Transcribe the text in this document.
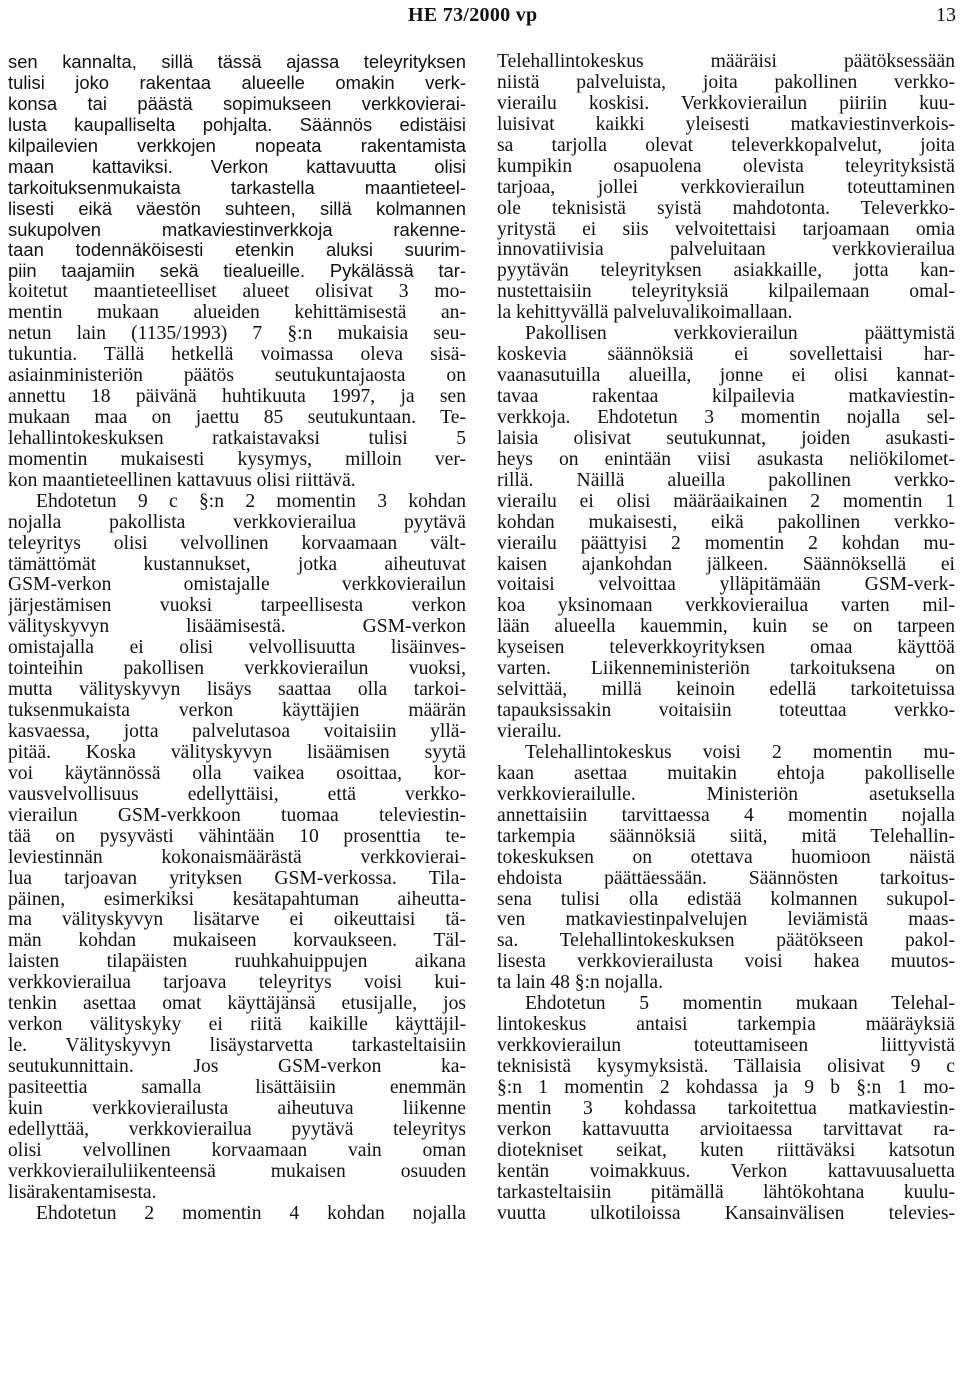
HE 73/2000 vp	13
sen kannalta, sillä tässä ajassa teleyrityksen
tulisi joko rakentaa alueelle omakin verk-
konsa tai päästä sopimukseen verkkovierai-
lusta kaupalliselta pohjalta. Säännös edistäisi
kilpailevien verkkojen nopeata rakentamista
maan kattaviksi. Verkon kattavuutta olisi
tarkoituksenmukaista tarkastella maantieteel-
lisesti eikä väestön suhteen, sillä kolmannen
sukupolven matkaviestinverkkoja rakenne-
taan todennäköisesti etenkin aluksi suurim-
piin taajamiin sekä tiealueille. Pykälässä tar-
koitetut maantieteelliset alueet olisivat 3 mo-
mentin mukaan alueiden kehittämisestä an-
netun lain (1135/1993) 7 §:n mukaisia seu-
tukuntia. Tällä hetkellä voimassa oleva sisä-
asiainministeriön päätös seutukuntajaosta on
annettu 18 päivänä huhtikuuta 1997, ja sen
mukaan maa on jaettu 85 seutukuntaan. Te-
lehallintokeskuksen ratkaistavaksi tulisi 5
momentin mukaisesti kysymys, milloin ver-
kon maantieteellinen kattavuus olisi riittävä.
Ehdotetun 9 c §:n 2 momentin 3 kohdan
nojalla pakollista verkkovierailua pyytävä
teleyritys olisi velvollinen korvaamaan vält-
tämättömät kustannukset, jotka aiheutuvat
GSM-verkon omistajalle verkkovierailun
järjestämisen vuoksi tarpeellisesta verkon
välityskyvyn lisäämisestä. GSM-verkon
omistajalla ei olisi velvollisuutta lisäinves-
tointeihin pakollisen verkkovierailun vuoksi,
mutta välityskyvyn lisäys saattaa olla tarkoi-
tuksenmukaista verkon käyttäjien määrän
kasvaessa, jotta palvelutasoa voitaisiin yllä-
pitää. Koska välityskyvyn lisäämisen syytä
voi käytännössä olla vaikea osoittaa, kor-
vausvelvollisuus edellyttäisi, että verkko-
vierailun GSM-verkkoon tuomaa televiestin-
tää on pysyvästi vähintään 10 prosenttia te-
leviestinnän kokonaismäärästä verkkovierai-
lua tarjoavan yrityksen GSM-verkossa. Tila-
päinen, esimerkiksi kesätapahtuman aiheutta-
ma välityskyvyn lisätarve ei oikeuttaisi tä-
män kohdan mukaiseen korvaukseen. Täl-
laisten tilapäisten ruuhkahuippujen aikana
verkkovierailua tarjoava teleyritys voisi kui-
tenkin asettaa omat käyttäjänsä etusijalle, jos
verkon välityskyky ei riitä kaikille käyttäjil-
le. Välityskyvyn lisäystarvetta tarkasteltaisiin
seutukunnittain. Jos GSM-verkon ka-
pasiteettia samalla lisättäisiin enemmän
kuin verkkovierailusta aiheutuva liikenne
edellyttää, verkkovierailua pyytävä teleyritys
olisi velvollinen korvaamaan vain oman
verkkovierailuliikenteensä mukaisen osuuden
lisärakentamisesta.
Ehdotetun 2 momentin 4 kohdan nojalla
Telehallintokeskus määräisi päätöksessään
niistä palveluista, joita pakollinen verkko-
vierailu koskisi. Verkkovierailun piiriin kuu-
luisivat kaikki yleisesti matkaviestinverkois-
sa tarjolla olevat televerkkopalvelut, joita
kumpikin osapuolena olevista teleyrityksistä
tarjoaa, jollei verkkovierailun toteuttaminen
ole teknisistä syistä mahdotonta. Televerkko-
yritystä ei siis velvoitettaisi tarjoamaan omia
innovatiivisia palveluitaan verkkovierailua
pyytävän teleyrityksen asiakkaille, jotta kan-
nustettaisiin teleyrityksiä kilpailemaan omal-
la kehittyvällä palveluvalikoimallaan.
Pakollisen verkkovierailun päättymistä
koskevia säännöksiä ei sovellettaisi har-
vaanasutuilla alueilla, jonne ei olisi kannat-
tavaa rakentaa kilpailevia matkaviestin-
verkkoja. Ehdotetun 3 momentin nojalla sel-
laisia olisivat seutukunnat, joiden asukasti-
heys on enintään viisi asukasta neliökilomet-
rillä. Näillä alueilla pakollinen verkko-
vierailu ei olisi määräaikainen 2 momentin 1
kohdan mukaisesti, eikä pakollinen verkko-
vierailu päättyisi 2 momentin 2 kohdan mu-
kaisen ajankohdan jälkeen. Säännöksellä ei
voitaisi velvoittaa ylläpitämään GSM-verk-
koa yksinomaan verkkovierailua varten mil-
lään alueella kauemmin, kuin se on tarpeen
kyseisen televerkkoyrityksen omaa käyttöä
varten. Liikenneministeriön tarkoituksena on
selvittää, millä keinoin edellä tarkoitetuissa
tapauksissakin voitaisiin toteuttaa verkko-
vierailu.
Telehallintokeskus voisi 2 momentin mu-
kaan asettaa muitakin ehtoja pakolliselle
verkkovierailulle. Ministeriön asetuksella
annettaisiin tarvittaessa 4 momentin nojalla
tarkempia säännöksiä siitä, mitä Telehallin-
tokeskuksen on otettava huomioon näistä
ehdoista päättäessään. Säännösten tarkoitus-
sena tulisi olla edistää kolmannen sukupol-
ven matkaviestinpalvelujen leviämistä maas-
sa. Telehallintokeskuksen päätökseen pakol-
lisesta verkkovierailusta voisi hakea muutos-
ta lain 48 §:n nojalla.
Ehdotetun 5 momentin mukaan Telehal-
lintokeskus antaisi tarkempia määräyksiä
verkkovierailun toteuttamiseen liittyvistä
teknisistä kysymyksistä. Tällaisia olisivat 9 c
§:n 1 momentin 2 kohdassa ja 9 b §:n 1 mo-
mentin 3 kohdassa tarkoitettua matkaviestin-
verkon kattavuutta arvioitaessa tarvittavat ra-
diotekniset seikat, kuten riittäväksi katsotun
kentän voimakkuus. Verkon kattavuusaluetta
tarkasteltaisiin pitämällä lähtökohtana kuulu-
vuutta ulkotiloissa Kansainvälisen televies-
